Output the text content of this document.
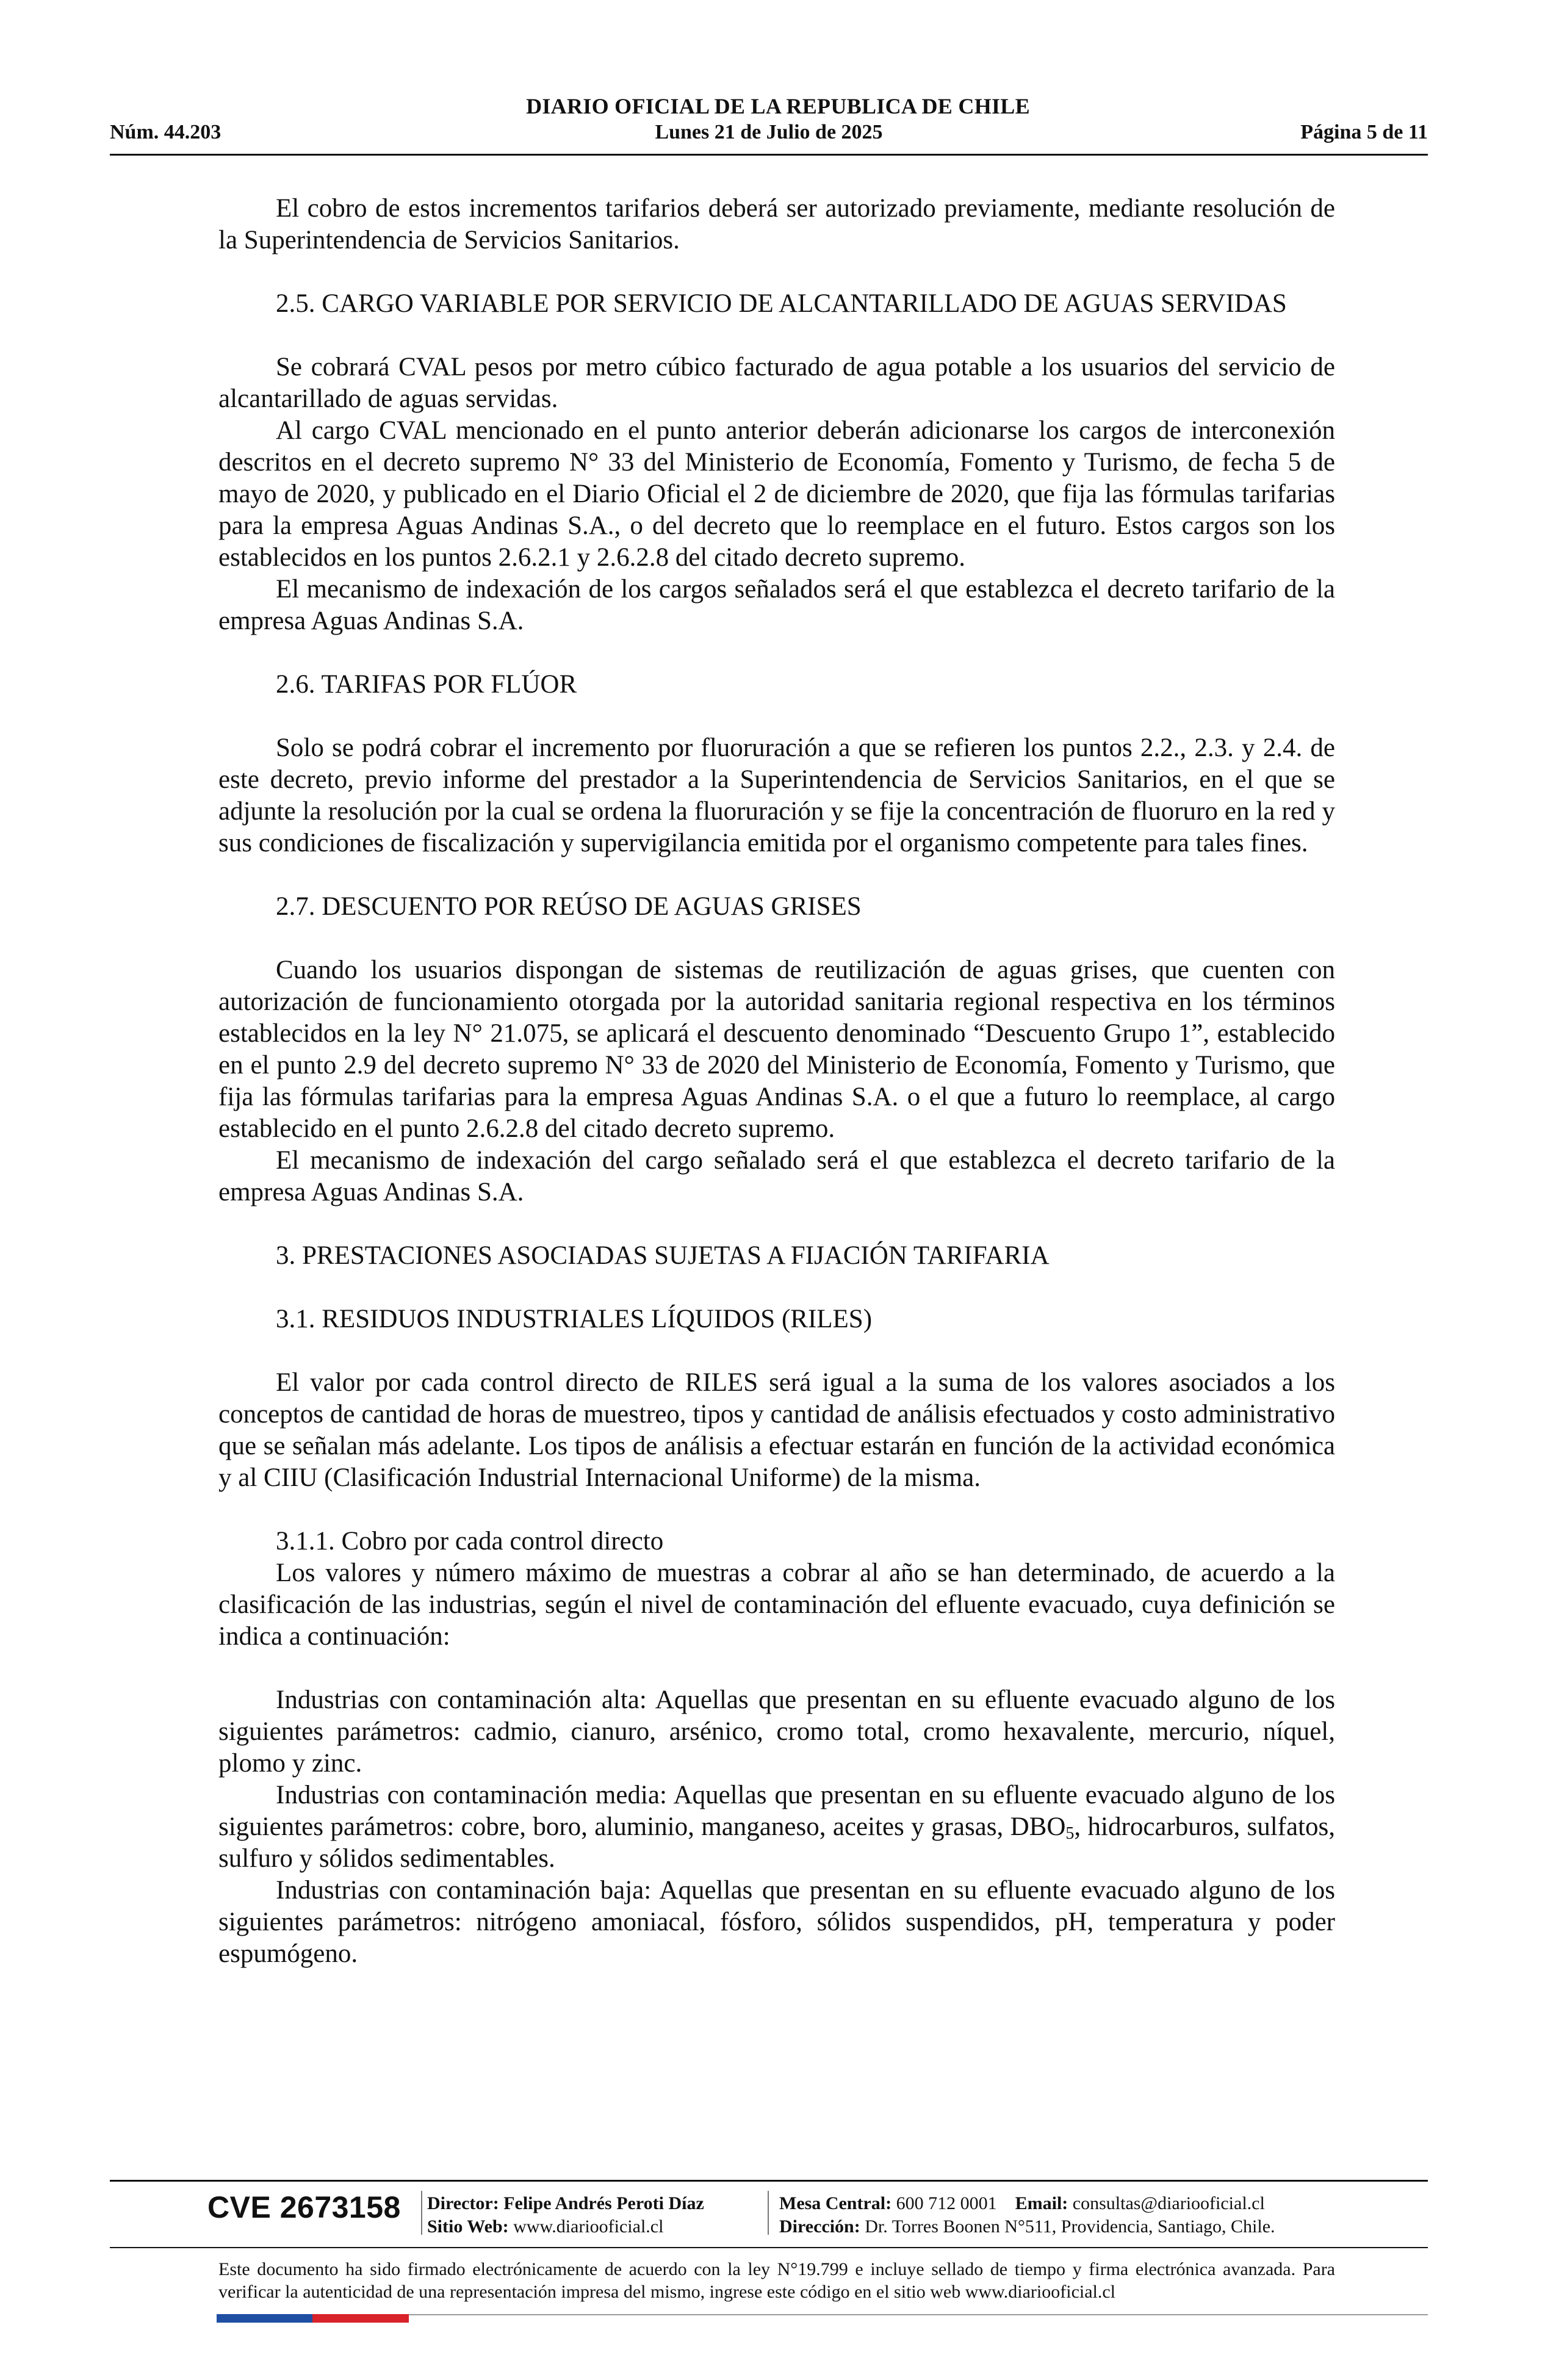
DIARIO OFICIAL DE LA REPUBLICA DE CHILE
Núm. 44.203	Lunes 21 de Julio de 2025	Página 5 de 11

El cobro de estos incrementos tarifarios deberá ser autorizado previamente, mediante resolución de la Superintendencia de Servicios Sanitarios.

2.5. CARGO VARIABLE POR SERVICIO DE ALCANTARILLADO DE AGUAS SERVIDAS

Se cobrará CVAL pesos por metro cúbico facturado de agua potable a los usuarios del servicio de alcantarillado de aguas servidas.

Al cargo CVAL mencionado en el punto anterior deberán adicionarse los cargos de interconexión descritos en el decreto supremo N° 33 del Ministerio de Economía, Fomento y Turismo, de fecha 5 de mayo de 2020, y publicado en el Diario Oficial el 2 de diciembre de 2020, que fija las fórmulas tarifarias para la empresa Aguas Andinas S.A., o del decreto que lo reemplace en el futuro. Estos cargos son los establecidos en los puntos 2.6.2.1 y 2.6.2.8 del citado decreto supremo.

El mecanismo de indexación de los cargos señalados será el que establezca el decreto tarifario de la empresa Aguas Andinas S.A.

2.6. TARIFAS POR FLÚOR

Solo se podrá cobrar el incremento por fluoruración a que se refieren los puntos 2.2., 2.3. y 2.4. de este decreto, previo informe del prestador a la Superintendencia de Servicios Sanitarios, en el que se adjunte la resolución por la cual se ordena la fluoruración y se fije la concentración de fluoruro en la red y sus condiciones de fiscalización y supervigilancia emitida por el organismo competente para tales fines.

2.7. DESCUENTO POR REÚSO DE AGUAS GRISES

Cuando los usuarios dispongan de sistemas de reutilización de aguas grises, que cuenten con autorización de funcionamiento otorgada por la autoridad sanitaria regional respectiva en los términos establecidos en la ley N° 21.075, se aplicará el descuento denominado “Descuento Grupo 1”, establecido en el punto 2.9 del decreto supremo N° 33 de 2020 del Ministerio de Economía, Fomento y Turismo, que fija las fórmulas tarifarias para la empresa Aguas Andinas S.A. o el que a futuro lo reemplace, al cargo establecido en el punto 2.6.2.8 del citado decreto supremo.

El mecanismo de indexación del cargo señalado será el que establezca el decreto tarifario de la empresa Aguas Andinas S.A.

3. PRESTACIONES ASOCIADAS SUJETAS A FIJACIÓN TARIFARIA

3.1. RESIDUOS INDUSTRIALES LÍQUIDOS (RILES)

El valor por cada control directo de RILES será igual a la suma de los valores asociados a los conceptos de cantidad de horas de muestreo, tipos y cantidad de análisis efectuados y costo administrativo que se señalan más adelante. Los tipos de análisis a efectuar estarán en función de la actividad económica y al CIIU (Clasificación Industrial Internacional Uniforme) de la misma.

3.1.1. Cobro por cada control directo

Los valores y número máximo de muestras a cobrar al año se han determinado, de acuerdo a la clasificación de las industrias, según el nivel de contaminación del efluente evacuado, cuya definición se indica a continuación:

Industrias con contaminación alta: Aquellas que presentan en su efluente evacuado alguno de los siguientes parámetros: cadmio, cianuro, arsénico, cromo total, cromo hexavalente, mercurio, níquel, plomo y zinc.

Industrias con contaminación media: Aquellas que presentan en su efluente evacuado alguno de los siguientes parámetros: cobre, boro, aluminio, manganeso, aceites y grasas, $DBO_5$, hidrocarburos, sulfatos, sulfuro y sólidos sedimentables.

Industrias con contaminación baja: Aquellas que presentan en su efluente evacuado alguno de los siguientes parámetros: nitrógeno amoniacal, fósforo, sólidos suspendidos, pH, temperatura y poder espumógeno.

CVE 2673158 Director: Felipe Andrés Peroti Díaz
Sitio Web: www.diariooficial.cl
Mesa Central: 600 712 0001 Email: consultas@diariooficial.cl
Dirección: Dr. Torres Boonen N°511, Providencia, Santiago, Chile.
Este documento ha sido firmado electrónicamente de acuerdo con la ley N°19.799 e incluye sellado de tiempo y firma electrónica avanzada. Para verificar la autenticidad de una representación impresa del mismo, ingrese este código en el sitio web www.diariooficial.cl
